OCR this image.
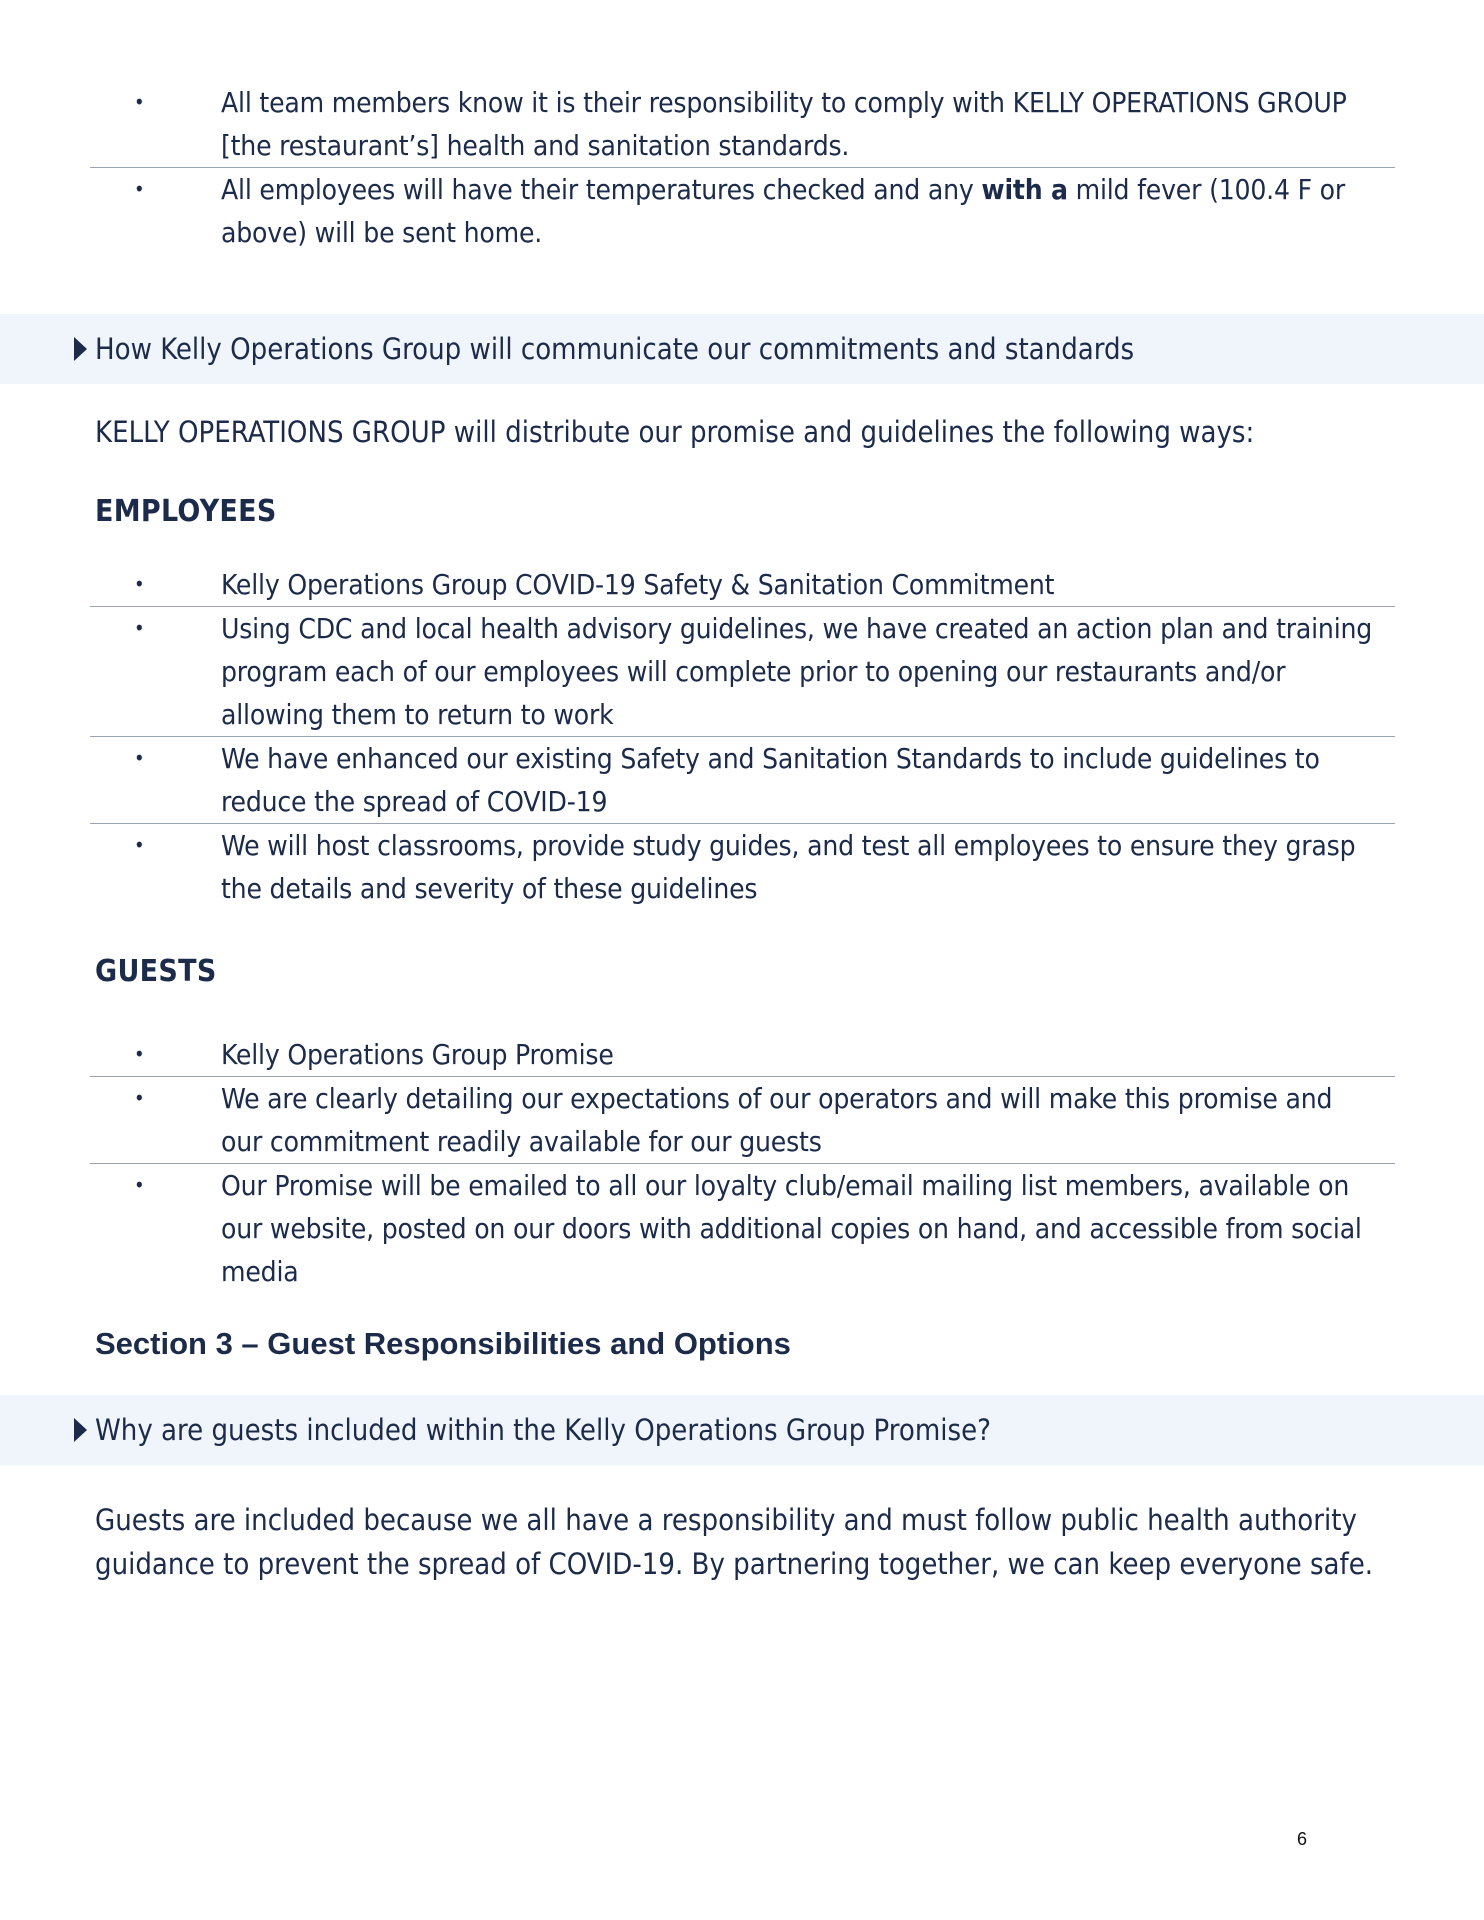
•	All team members know it is their responsibility to comply with KELLY OPERATIONS GROUP [the restaurant’s] health and sanitation standards.
•	All employees will have their temperatures checked and any with a mild fever (100.4 F or above) will be sent home.
How Kelly Operations Group will communicate our commitments and standards

KELLY OPERATIONS GROUP will distribute our promise and guidelines the following ways:

EMPLOYEES
•	Kelly Operations Group COVID-19 Safety & Sanitation Commitment
•	Using CDC and local health advisory guidelines, we have created an action plan and training program each of our employees will complete prior to opening our restaurants and/or allowing them to return to work
•	We have enhanced our existing Safety and Sanitation Standards to include guidelines to reduce the spread of COVID-19
•	We will host classrooms, provide study guides, and test all employees to ensure they grasp the details and severity of these guidelines
GUESTS
•	Kelly Operations Group Promise
•	We are clearly detailing our expectations of our operators and will make this promise and our commitment readily available for our guests
•	Our Promise will be emailed to all our loyalty club/email mailing list members, available on our website, posted on our doors with additional copies on hand, and accessible from social media
Section 3 – Guest Responsibilities and Options
Why are guests included within the Kelly Operations Group Promise?

Guests are included because we all have a responsibility and must follow public health authority guidance to prevent the spread of COVID-19. By partnering together, we can keep everyone safe.

6
